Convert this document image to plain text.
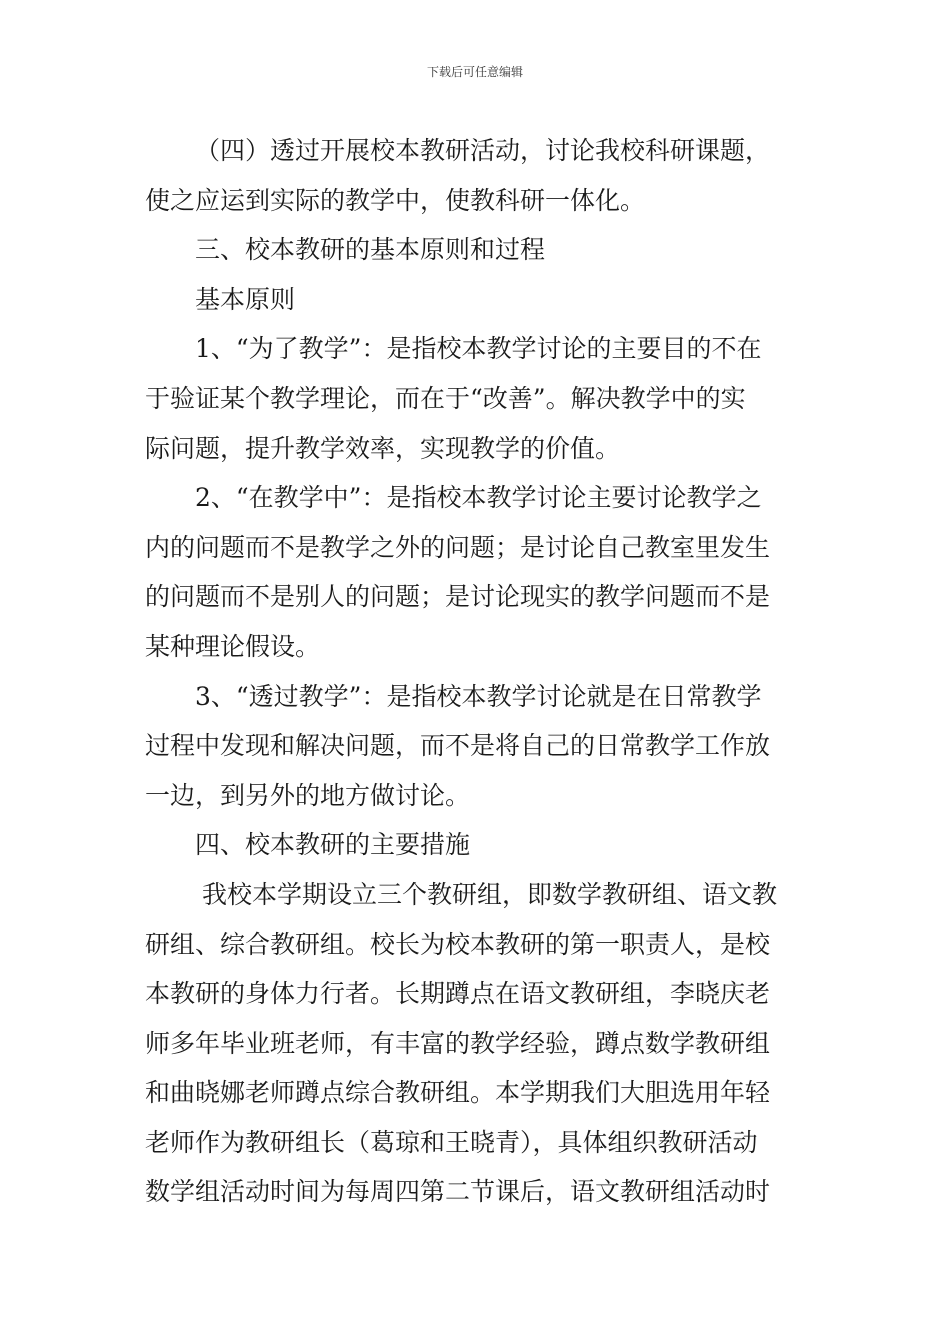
下载后可任意编辑
（四）透过开展校本教研活动，讨论我校科研课题，
使之应运到实际的教学中，使教科研一体化。
三、校本教研的基本原则和过程
基本原则
1、“为了教学”：是指校本教学讨论的主要目的不在
于验证某个教学理论，而在于“改善”。解决教学中的实
际问题，提升教学效率，实现教学的价值。
2、“在教学中”：是指校本教学讨论主要讨论教学之
内的问题而不是教学之外的问题；是讨论自己教室里发生
的问题而不是别人的问题；是讨论现实的教学问题而不是
某种理论假设。
3、“透过教学”：是指校本教学讨论就是在日常教学
过程中发现和解决问题，而不是将自己的日常教学工作放
一边，到另外的地方做讨论。
四、校本教研的主要措施
我校本学期设立三个教研组，即数学教研组、语文教
研组、综合教研组。校长为校本教研的第一职责人，是校
本教研的身体力行者。长期蹲点在语文教研组，李晓庆老
师多年毕业班老师，有丰富的教学经验，蹲点数学教研组
和曲晓娜老师蹲点综合教研组。本学期我们大胆选用年轻
老师作为教研组长（葛琼和王晓青），具体组织教研活动
数学组活动时间为每周四第二节课后，语文教研组活动时
